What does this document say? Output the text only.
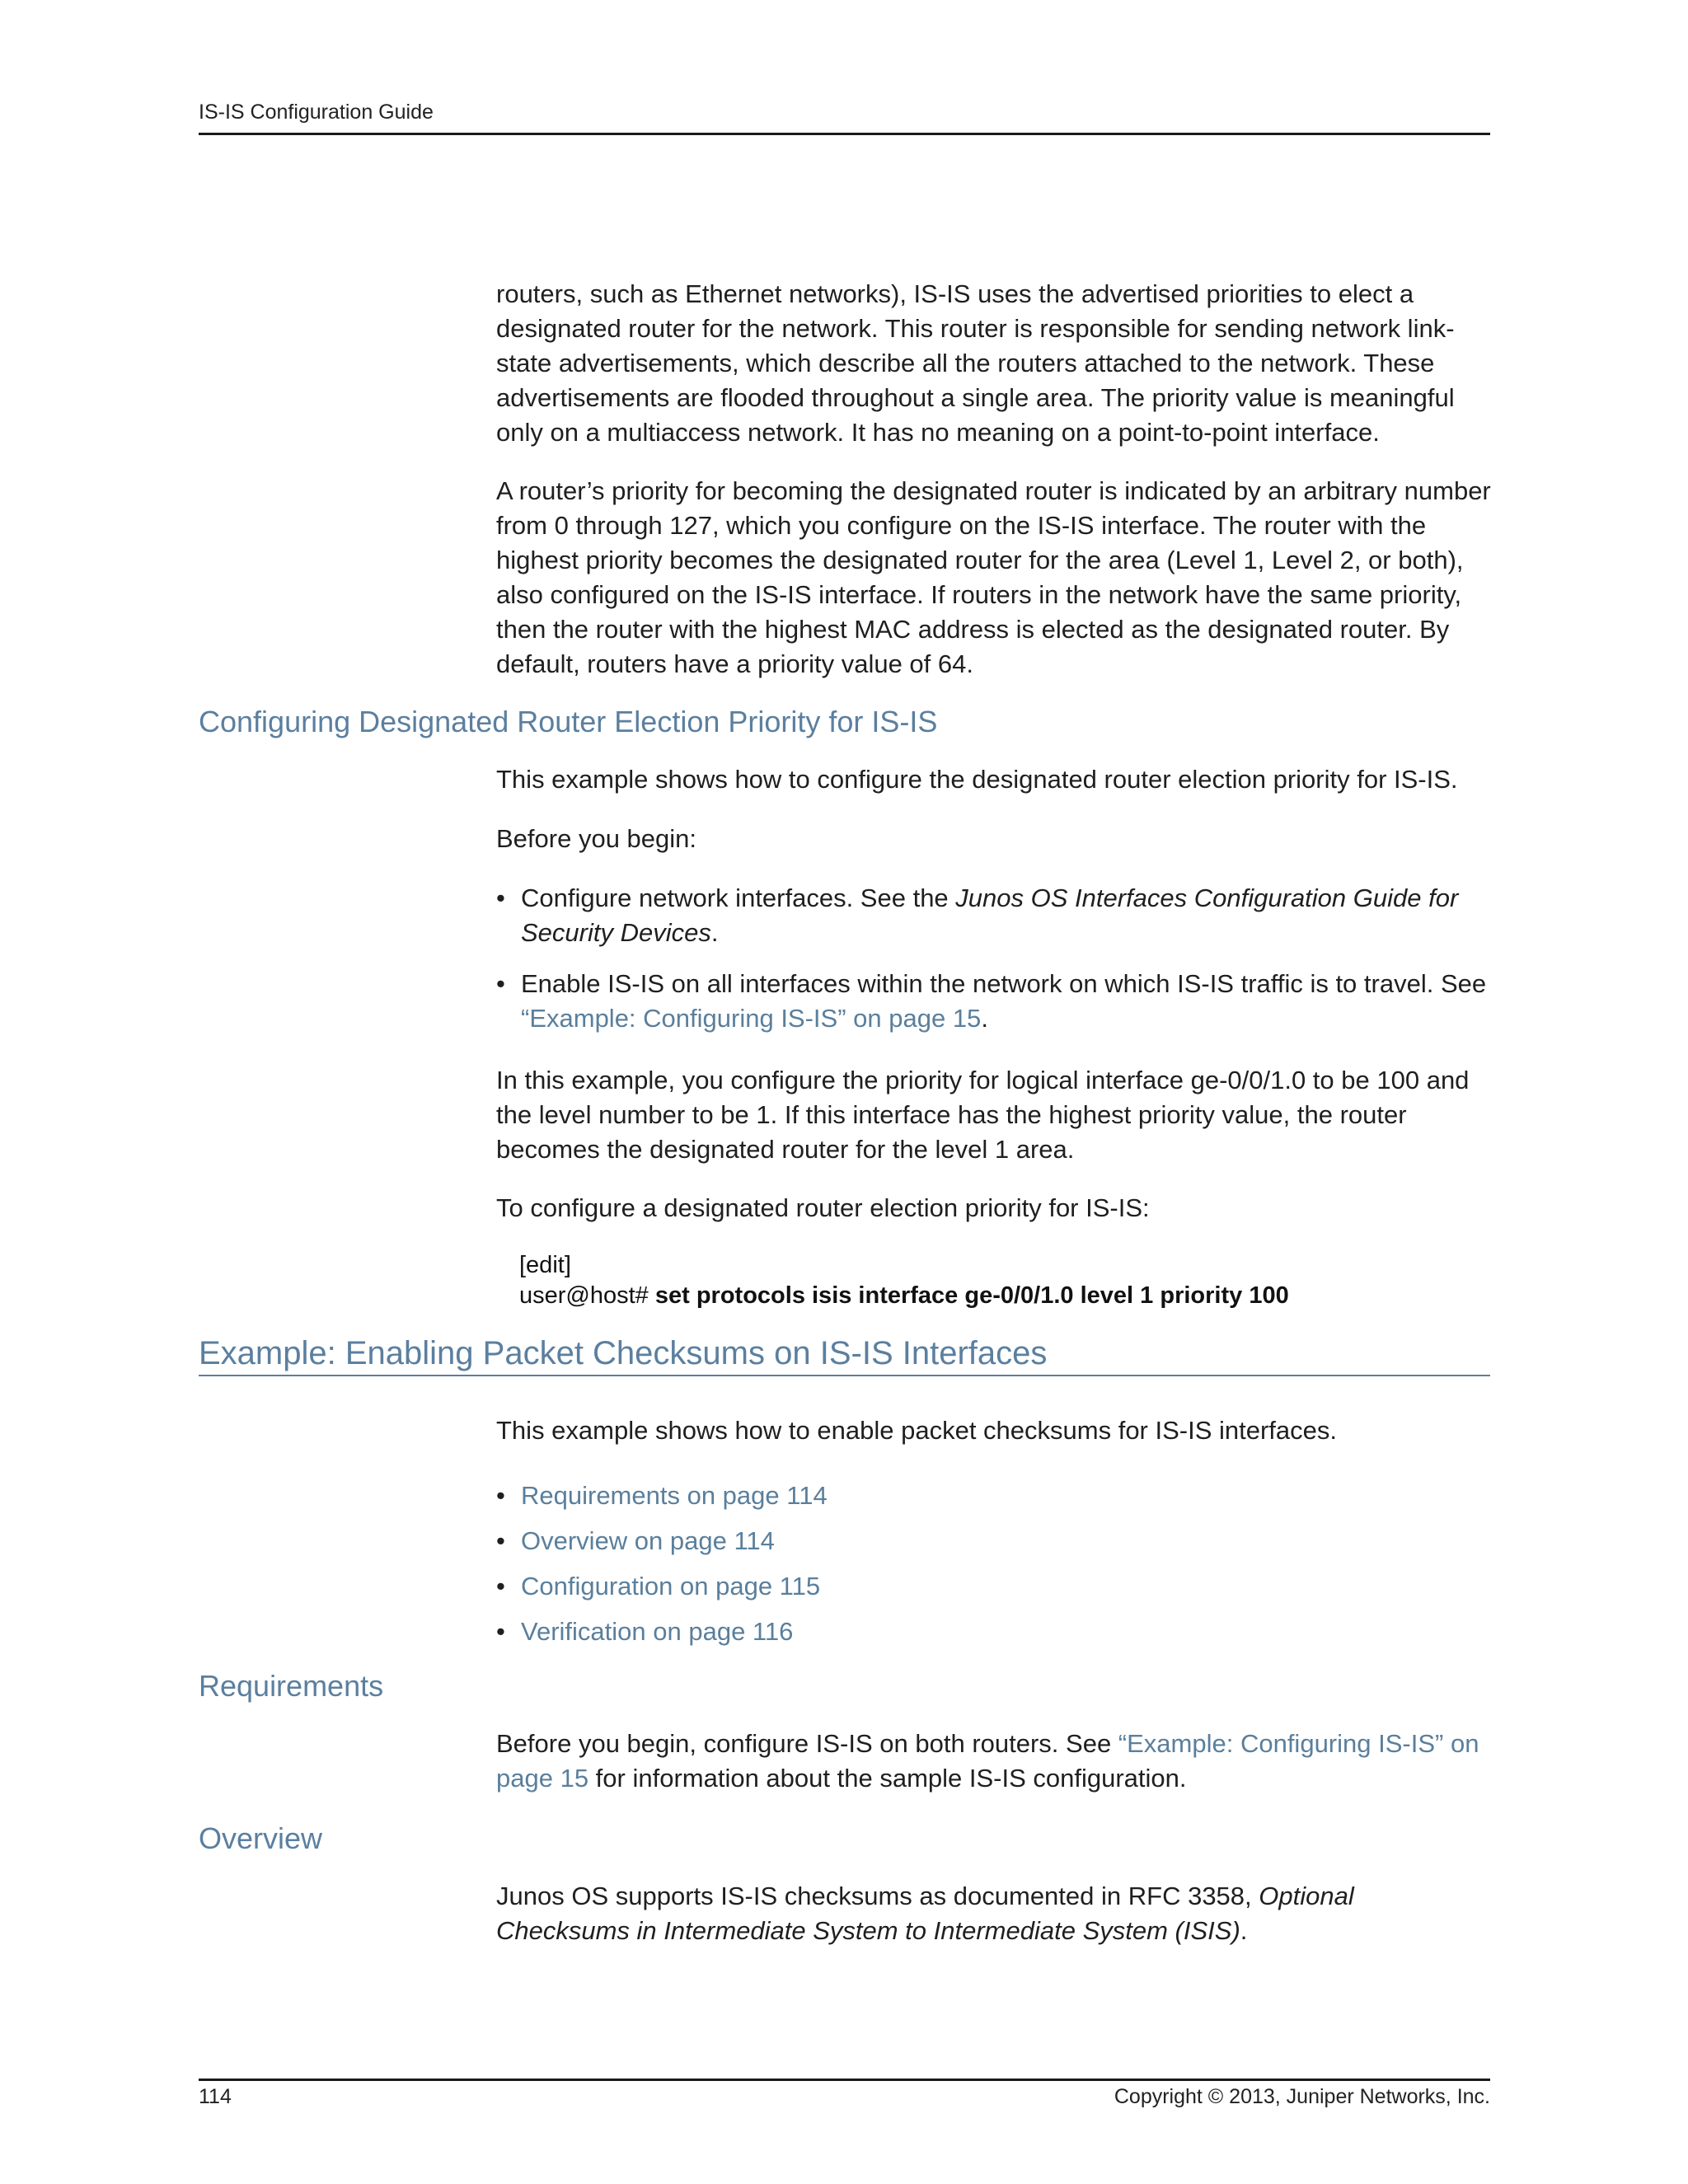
IS-IS Configuration Guide

routers, such as Ethernet networks), IS-IS uses the advertised priorities to elect a designated router for the network. This router is responsible for sending network link-state advertisements, which describe all the routers attached to the network. These advertisements are flooded throughout a single area. The priority value is meaningful only on a multiaccess network. It has no meaning on a point-to-point interface.

A router’s priority for becoming the designated router is indicated by an arbitrary number from 0 through 127, which you configure on the IS-IS interface. The router with the highest priority becomes the designated router for the area (Level 1, Level 2, or both), also configured on the IS-IS interface. If routers in the network have the same priority, then the router with the highest MAC address is elected as the designated router. By default, routers have a priority value of 64.

Configuring Designated Router Election Priority for IS-IS

This example shows how to configure the designated router election priority for IS-IS.

Before you begin:

• Configure network interfaces. See the Junos OS Interfaces Configuration Guide for Security Devices.
• Enable IS-IS on all interfaces within the network on which IS-IS traffic is to travel. See “Example: Configuring IS-IS” on page 15.

In this example, you configure the priority for logical interface ge-0/0/1.0 to be 100 and the level number to be 1. If this interface has the highest priority value, the router becomes the designated router for the level 1 area.

To configure a designated router election priority for IS-IS:

[edit]
user@host# set protocols isis interface ge-0/0/1.0 level 1 priority 100
Example: Enabling Packet Checksums on IS-IS Interfaces

This example shows how to enable packet checksums for IS-IS interfaces.

• Requirements on page 114
• Overview on page 114
• Configuration on page 115
• Verification on page 116
Requirements

Before you begin, configure IS-IS on both routers. See “Example: Configuring IS-IS” on page 15 for information about the sample IS-IS configuration.

Overview

Junos OS supports IS-IS checksums as documented in RFC 3358, Optional Checksums in Intermediate System to Intermediate System (ISIS).

114	Copyright © 2013, Juniper Networks, Inc.
